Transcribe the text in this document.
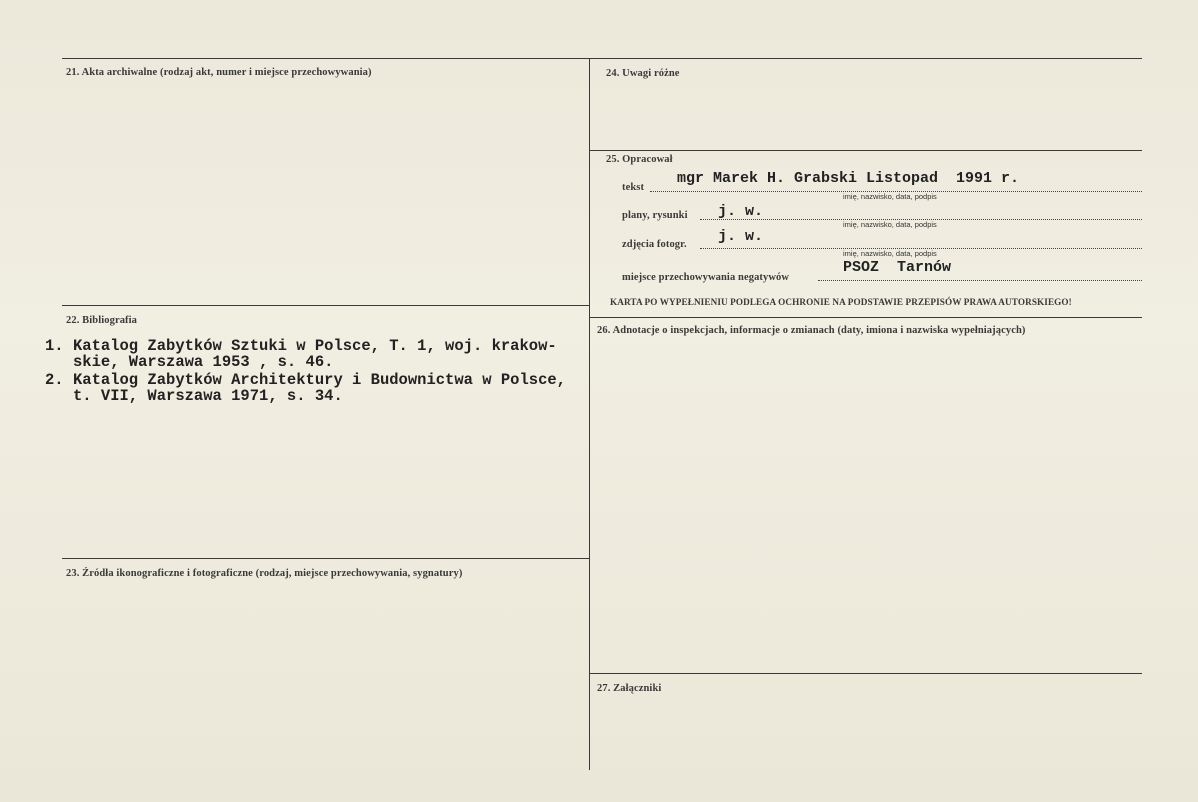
21. Akta archiwalne (rodzaj akt, numer i miejsce przechowywania)
22. Bibliografia
23. Źródła ikonograficzne i fotograficzne (rodzaj, miejsce przechowywania, sygnatury)
24. Uwagi różne
25. Opracował
26. Adnotacje o inspekcjach, informacje o zmianach (daty, imiona i nazwiska wypełniających)
27. Załączniki
tekst
mgr Marek H. Grabski Listopad  1991 r.
imię, nazwisko, data, podpis
plany, rysunki j. w.
imię, nazwisko, data, podpis
zdjęcia fotogr. j. w.
imię, nazwisko, data, podpis
miejsce przechowywania negatywów
PSOZ  Tarnów
KARTA PO WYPEŁNIENIU PODLEGA OCHRONIE NA PODSTAWIE PRZEPISÓW PRAWA AUTORSKIEGO!
1. Katalog Zabytków Sztuki w Polsce, T. 1, woj. krakow-
skie, Warszawa 1953 , s. 46.
2. Katalog Zabytków Architektury i Budownictwa w Polsce,
t. VII, Warszawa 1971, s. 34.
